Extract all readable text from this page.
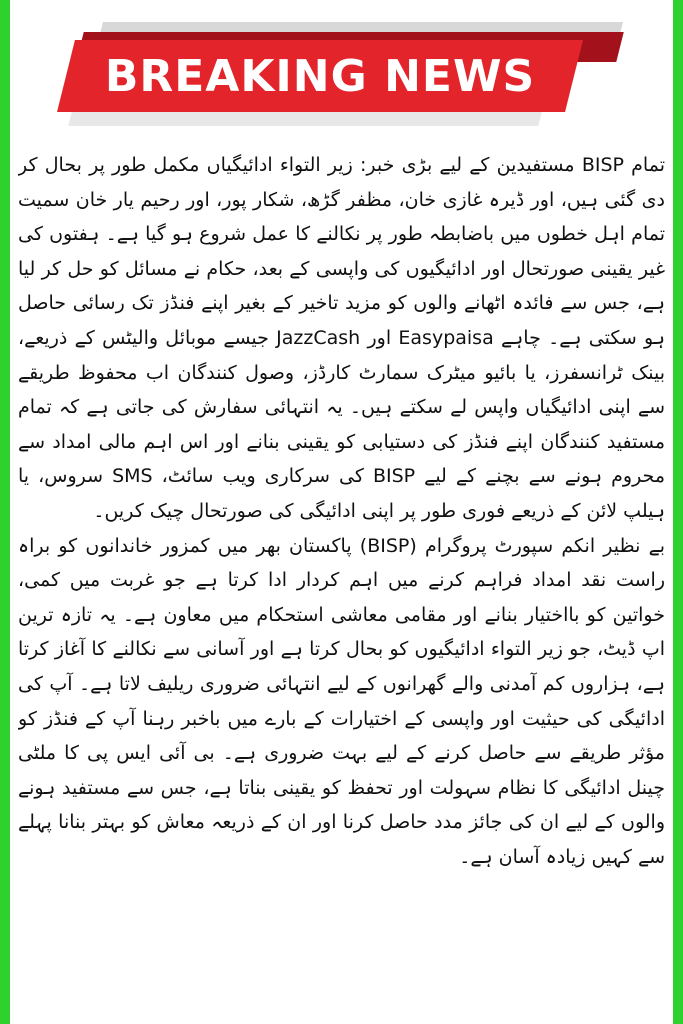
BREAKING NEWS

تمام BISP مستفیدین کے لیے بڑی خبر: زیر التواء ادائیگیاں مکمل طور پر بحال کر دی گئی ہیں، اور ڈیرہ غازی خان، مظفر گڑھ، شکار پور، اور رحیم یار خان سمیت تمام اہل خطوں میں باضابطہ طور پر نکالنے کا عمل شروع ہو گیا ہے۔ ہفتوں کی غیر یقینی صورتحال اور ادائیگیوں کی واپسی کے بعد، حکام نے مسائل کو حل کر لیا ہے، جس سے فائدہ اٹھانے والوں کو مزید تاخیر کے بغیر اپنے فنڈز تک رسائی حاصل ہو سکتی ہے۔ چاہے Easypaisa اور JazzCash جیسے موبائل والیٹس کے ذریعے، بینک ٹرانسفرز، یا بائیو میٹرک سمارٹ کارڈز، وصول کنندگان اب محفوظ طریقے سے اپنی ادائیگیاں واپس لے سکتے ہیں۔ یہ انتہائی سفارش کی جاتی ہے کہ تمام مستفید کنندگان اپنے فنڈز کی دستیابی کو یقینی بنانے اور اس اہم مالی امداد سے محروم ہونے سے بچنے کے لیے BISP کی سرکاری ویب سائٹ، SMS سروس، یا ہیلپ لائن کے ذریعے فوری طور پر اپنی ادائیگی کی صورتحال چیک کریں۔

بے نظیر انکم سپورٹ پروگرام (BISP) پاکستان بھر میں کمزور خاندانوں کو براہ راست نقد امداد فراہم کرنے میں اہم کردار ادا کرتا ہے جو غربت میں کمی، خواتین کو بااختیار بنانے اور مقامی معاشی استحکام میں معاون ہے۔ یہ تازہ ترین اپ ڈیٹ، جو زیر التواء ادائیگیوں کو بحال کرتا ہے اور آسانی سے نکالنے کا آغاز کرتا ہے، ہزاروں کم آمدنی والے گھرانوں کے لیے انتہائی ضروری ریلیف لاتا ہے۔ آپ کی ادائیگی کی حیثیت اور واپسی کے اختیارات کے بارے میں باخبر رہنا آپ کے فنڈز کو مؤثر طریقے سے حاصل کرنے کے لیے بہت ضروری ہے۔ بی آئی ایس پی کا ملٹی چینل ادائیگی کا نظام سہولت اور تحفظ کو یقینی بناتا ہے، جس سے مستفید ہونے والوں کے لیے ان کی جائز مدد حاصل کرنا اور ان کے ذریعہ معاش کو بہتر بنانا پہلے سے کہیں زیادہ آسان ہے۔
